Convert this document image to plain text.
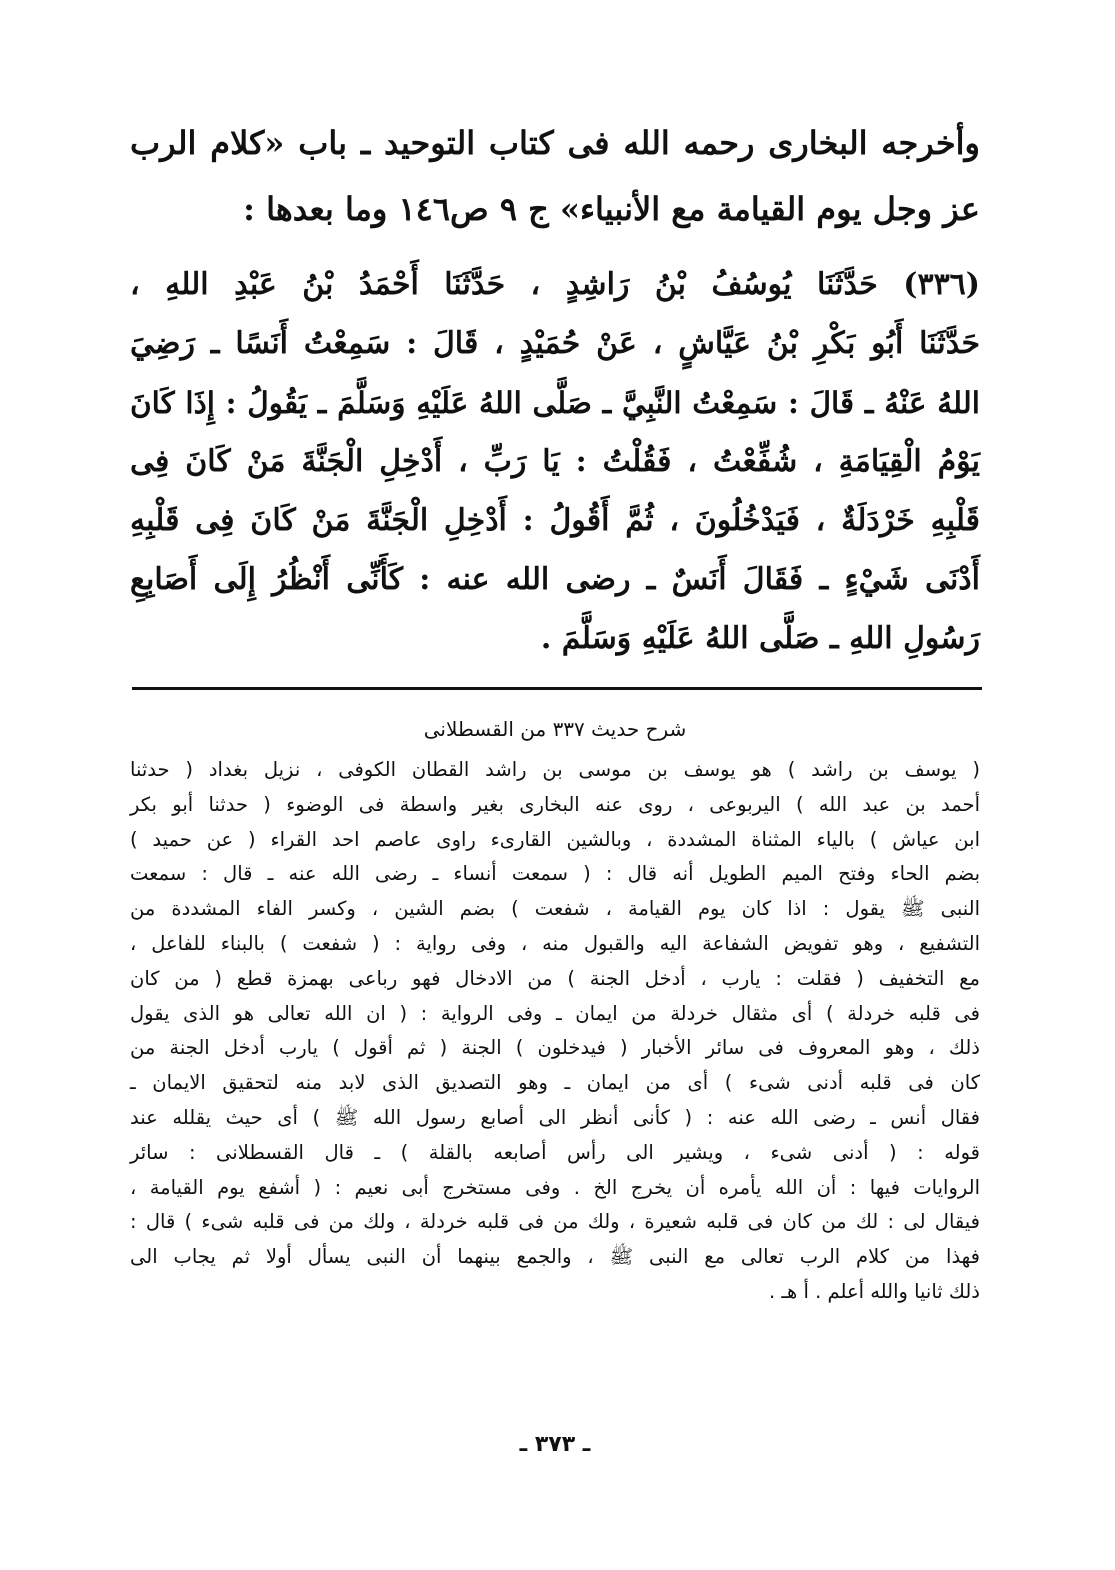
وأخرجه البخارى رحمه الله فى كتاب التوحيد ـ باب «كلام الرب
عز وجل يوم القيامة مع الأنبياء» ج ٩ ص١٤٦ وما بعدها :
(٣٣٦) حَدَّثَنَا يُوسُفُ بْنُ رَاشِدٍ ، حَدَّثَنَا أَحْمَدُ بْنُ عَبْدِ اللهِ ،
حَدَّثَنَا أَبُو بَكْرِ بْنُ عَيَّاشٍ ، عَنْ حُمَيْدٍ ، قَالَ : سَمِعْتُ أَنَسًا ـ رَضِيَ
اللهُ عَنْهُ ـ قَالَ : سَمِعْتُ النَّبِيَّ ـ صَلَّى اللهُ عَلَيْهِ وَسَلَّمَ ـ يَقُولُ : إِذَا كَانَ
يَوْمُ الْقِيَامَةِ ، شُفِّعْتُ ، فَقُلْتُ : يَا رَبِّ ، أَدْخِلِ الْجَنَّةَ مَنْ كَانَ فِى
قَلْبِهِ خَرْدَلَةٌ ، فَيَدْخُلُونَ ، ثُمَّ أَقُولُ : أَدْخِلِ الْجَنَّةَ مَنْ كَانَ فِى قَلْبِهِ
أَدْنَى شَيْءٍ ـ فَقَالَ أَنَسٌ ـ رضى الله عنه : كَأَنِّى أَنْظُرُ إِلَى أَصَابِعِ
رَسُولِ اللهِ ـ صَلَّى اللهُ عَلَيْهِ وَسَلَّمَ .
شرح حديث ٣٣٧ من القسطلانى
( يوسف بن راشد ) هو يوسف بن موسى بن راشد القطان الكوفى ، نزيل بغداد ( حدثنا
أحمد بن عبد الله ) اليربوعى ، روى عنه البخارى بغير واسطة فى الوضوء ( حدثنا أبو بكر
ابن عياش ) بالياء المثناة المشددة ، وبالشين القارىء راوى عاصم احد القراء ( عن حميد )
بضم الحاء وفتح الميم الطويل أنه قال : ( سمعت أنساء ـ رضى الله عنه ـ قال : سمعت
النبى ﷺ يقول : اذا كان يوم القيامة ، شفعت ) بضم الشين ، وكسر الفاء المشددة من
التشفيع ، وهو تفويض الشفاعة اليه والقبول منه ، وفى رواية : ( شفعت ) بالبناء للفاعل ،
مع التخفيف ( فقلت : يارب ، أدخل الجنة ) من الادخال فهو رباعى بهمزة قطع ( من كان
فى قلبه خردلة ) أى مثقال خردلة من ايمان ـ وفى الرواية : ( ان الله تعالى هو الذى يقول
ذلك ، وهو المعروف فى سائر الأخبار ( فيدخلون ) الجنة ( ثم أقول ) يارب أدخل الجنة من
كان فى قلبه أدنى شىء ) أى من ايمان ـ وهو التصديق الذى لابد منه لتحقيق الايمان ـ
فقال أنس ـ رضى الله عنه : ( كأنى أنظر الى أصابع رسول الله ﷺ ) أى حيث يقلله عند
قوله : ( أدنى شىء ، ويشير الى رأس أصابعه بالقلة ) ـ قال القسطلانى : سائر
الروايات فيها : أن الله يأمره أن يخرج الخ . وفى مستخرج أبى نعيم : ( أشفع يوم القيامة ،
فيقال لى : لك من كان فى قلبه شعيرة ، ولك من فى قلبه خردلة ، ولك من فى قلبه شىء ) قال :
فهذا من كلام الرب تعالى مع النبى ﷺ ، والجمع بينهما أن النبى يسأل أولا ثم يجاب الى
ذلك ثانيا والله أعلم . أ هـ .
ـ ٣٧٣ ـ
